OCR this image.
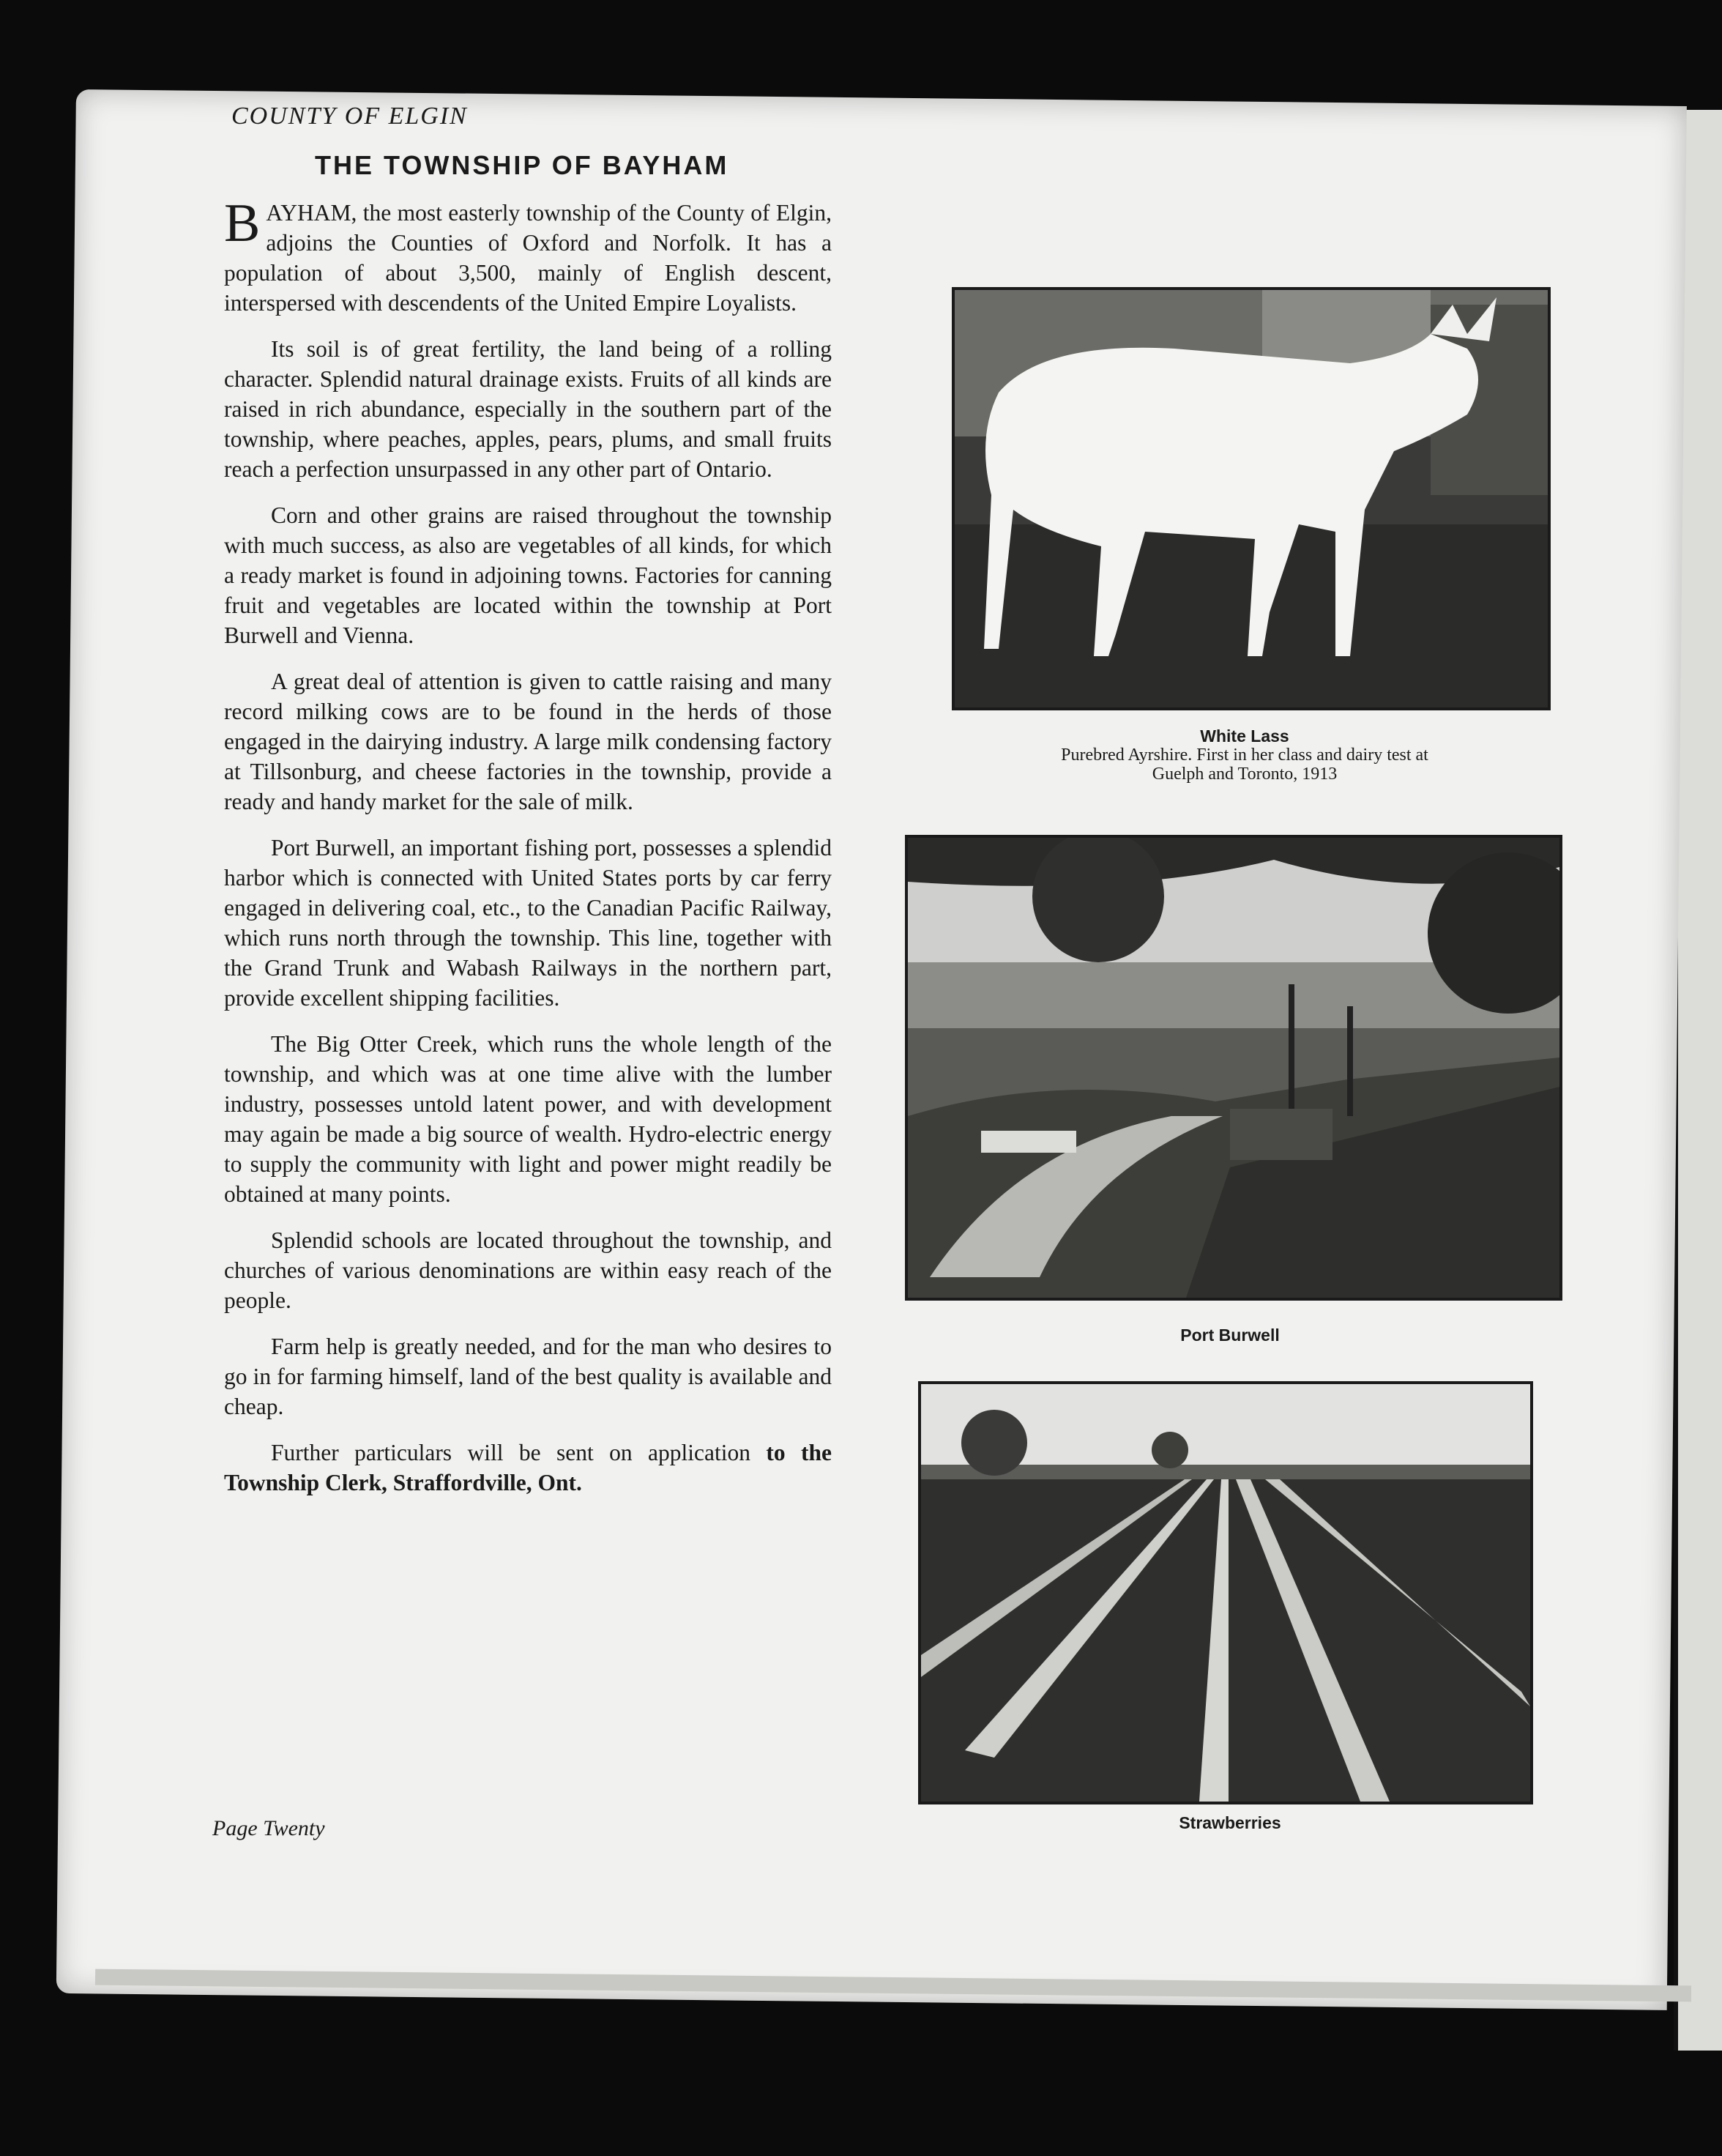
COUNTY OF ELGIN
THE TOWNSHIP OF BAYHAM

BAYHAM, the most easterly township of the County of Elgin, adjoins the Counties of Oxford and Norfolk. It has a population of about 3,500, mainly of English descent, interspersed with descendents of the United Empire Loyalists.

Its soil is of great fertility, the land being of a rolling character. Splendid natural drainage exists. Fruits of all kinds are raised in rich abundance, especially in the southern part of the township, where peaches, apples, pears, plums, and small fruits reach a perfection unsurpassed in any other part of Ontario.

Corn and other grains are raised throughout the township with much success, as also are vegetables of all kinds, for which a ready market is found in adjoining towns. Factories for canning fruit and vegetables are located within the township at Port Burwell and Vienna.

A great deal of attention is given to cattle raising and many record milking cows are to be found in the herds of those engaged in the dairying industry. A large milk condensing factory at Tillsonburg, and cheese factories in the township, provide a ready and handy market for the sale of milk.

Port Burwell, an important fishing port, possesses a splendid harbor which is connected with United States ports by car ferry engaged in delivering coal, etc., to the Canadian Pacific Railway, which runs north through the township. This line, together with the Grand Trunk and Wabash Railways in the northern part, provide excellent shipping facilities.

The Big Otter Creek, which runs the whole length of the township, and which was at one time alive with the lumber industry, possesses untold latent power, and with development may again be made a big source of wealth. Hydro-electric energy to supply the community with light and power might readily be obtained at many points.

Splendid schools are located throughout the township, and churches of various denominations are within easy reach of the people.

Farm help is greatly needed, and for the man who desires to go in for farming himself, land of the best quality is available and cheap.

Further particulars will be sent on application to the Township Clerk, Straffordville, Ont.

Page Twenty
White Lass
Purebred Ayrshire. First in her class and dairy test at
Guelph and Toronto, 1913
Port Burwell
Strawberries
